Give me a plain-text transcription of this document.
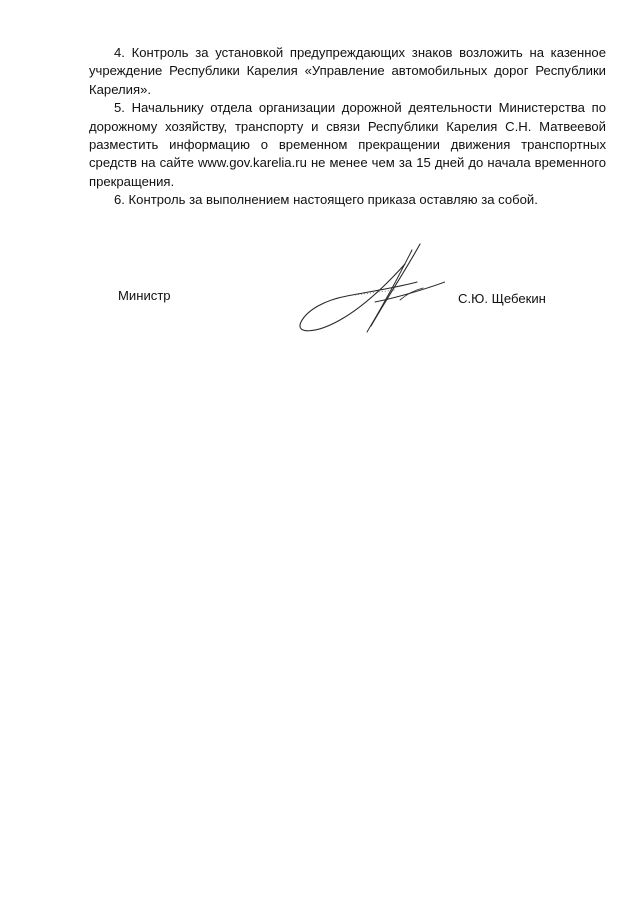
4. Контроль за установкой предупреждающих знаков возложить на казенное учреждение Республики Карелия «Управление автомобильных дорог Республики Карелия».

5. Начальнику отдела организации дорожной деятельности Министерства по дорожному хозяйству, транспорту и связи Республики Карелия С.Н. Матвеевой разместить информацию о временном прекращении движения транспортных средств на сайте www.gov.karelia.ru не менее чем за 15 дней до начала временного прекращения.

6. Контроль за выполнением настоящего приказа оставляю за собой.

Министр	С.Ю. Щебекин
